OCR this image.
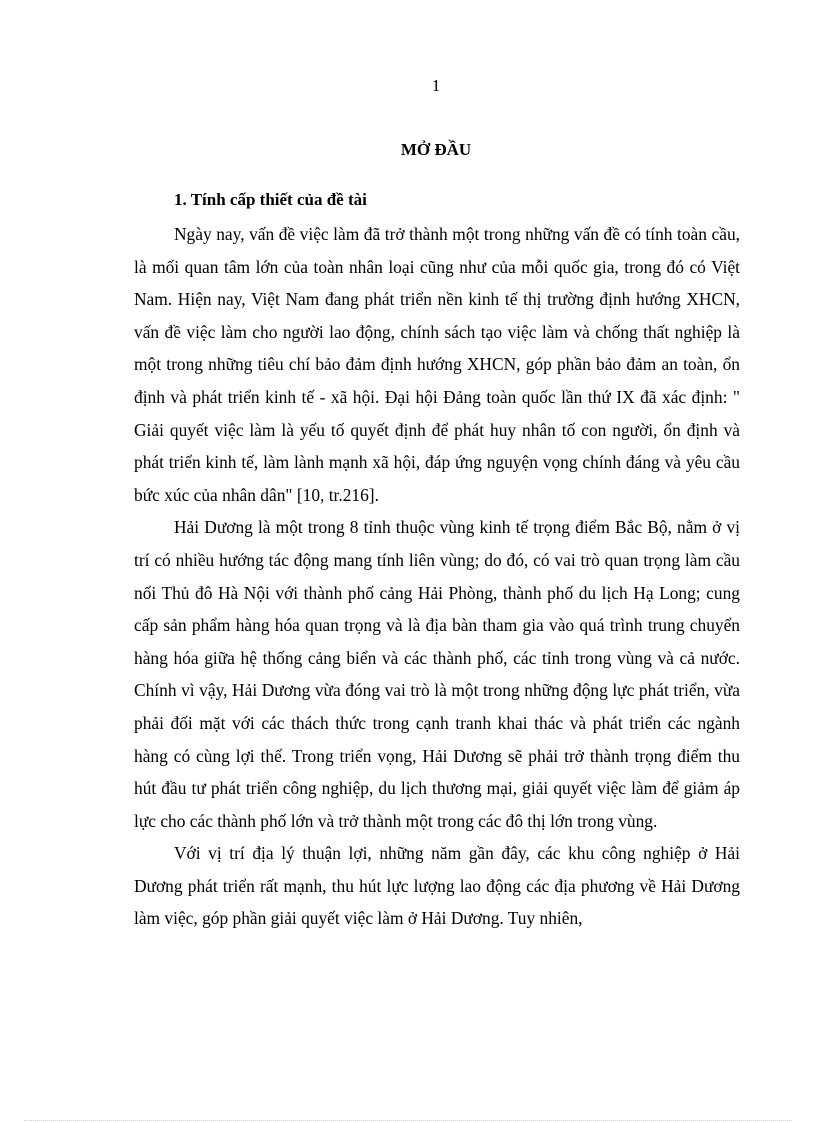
1
MỞ ĐẦU
1. Tính cấp thiết của đề tài

Ngày nay, vấn đề việc làm đã trở thành một trong những vấn đề có tính toàn cầu, là mối quan tâm lớn của toàn nhân loại cũng như của mỗi quốc gia, trong đó có Việt Nam. Hiện nay, Việt Nam đang phát triển nền kinh tế thị trường định hướng XHCN, vấn đề việc làm cho người lao động, chính sách tạo việc làm và chống thất nghiệp là một trong những tiêu chí bảo đảm định hướng XHCN, góp phần bảo đảm an toàn, ổn định và phát triển kinh tế - xã hội. Đại hội Đảng toàn quốc lần thứ IX đã xác định: " Giải quyết việc làm là yếu tố quyết định để phát huy nhân tố con người, ổn định và phát triển kinh tế, làm lành mạnh xã hội, đáp ứng nguyện vọng chính đáng và yêu cầu bức xúc của nhân dân" [10, tr.216].

Hải Dương là một trong 8 tỉnh thuộc vùng kinh tế trọng điểm Bắc Bộ, nằm ở vị trí có nhiều hướng tác động mang tính liên vùng; do đó, có vai trò quan trọng làm cầu nối Thủ đô Hà Nội với thành phố cảng Hải Phòng, thành phố du lịch Hạ Long; cung cấp sản phẩm hàng hóa quan trọng và là địa bàn tham gia vào quá trình trung chuyển hàng hóa giữa hệ thống cảng biển và các thành phố, các tỉnh trong vùng và cả nước. Chính vì vậy, Hải Dương vừa đóng vai trò là một trong những động lực phát triển, vừa phải đối mặt với các thách thức trong cạnh tranh khai thác và phát triển các ngành hàng có cùng lợi thế. Trong triển vọng, Hải Dương sẽ phải trở thành trọng điểm thu hút đầu tư phát triển công nghiệp, du lịch thương mại, giải quyết việc làm để giảm áp lực cho các thành phố lớn và trở thành một trong các đô thị lớn trong vùng.

Với vị trí địa lý thuận lợi, những năm gần đây, các khu công nghiệp ở Hải Dương phát triển rất mạnh, thu hút lực lượng lao động các địa phương về Hải Dương làm việc, góp phần giải quyết việc làm ở Hải Dương. Tuy nhiên,
